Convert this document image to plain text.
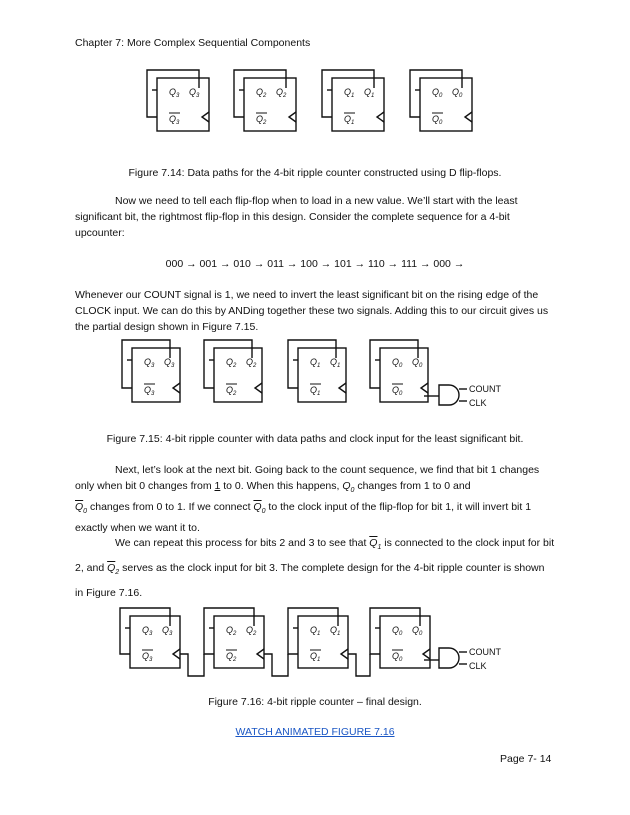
Chapter 7: More Complex Sequential Components
$Q_3$ $Q_3$
$Q_3$
$Q_2$ $Q_2$
$Q_2$
$Q_1$ $Q_1$
$Q_1$
$Q_0$ $Q_0$
$Q_0$
Figure 7.14: Data paths for the 4-bit ripple counter constructed using D flip-flops.

Now we need to tell each flip-flop when to load in a new value. We’ll start with the least significant bit, the rightmost flip-flop in this design. Consider the complete sequence for a 4-bit upcounter:

000 → 001 → 010 → 011 → 100 → 101 → 110 → 111 → 000 →

Whenever our COUNT signal is 1, we need to invert the least significant bit on the rising edge of the CLOCK input. We can do this by ANDing together these two signals. Adding this to our circuit gives us the partial design shown in Figure 7.15.

$Q_3$ $Q_3$
$Q_3$
$Q_2$ $Q_2$
$Q_2$
$Q_1$ $Q_1$
$Q_1$
$Q_0$ $Q_0$
$Q_0$	COUNT
CLK
Figure 7.15: 4-bit ripple counter with data paths and clock input for the least significant bit.

Next, let’s look at the next bit. Going back to the count sequence, we find that bit 1 changes only when bit 0 changes from 1 to 0. When this happens, $Q_0$ changes from 1 to 0 and
$\overline{Q}_0$ changes from 0 to 1. If we connect $\overline{Q}_0$ to the clock input of the flip-flop for bit 1, it will invert bit 1 exactly when we want it to.

We can repeat this process for bits 2 and 3 to see that $\overline{Q}_1$ is connected to the clock input for bit 2, and $\overline{Q}_2$ serves as the clock input for bit 3. The complete design for the 4-bit ripple counter is shown in Figure 7.16.

$Q_3$ $Q_3$
$Q_3$
$Q_2$ $Q_2$
$Q_2$
$Q_1$ $Q_1$
$Q_1$
$Q_0$ $Q_0$
$Q_0$
COUNT
CLK
Figure 7.16: 4-bit ripple counter – final design.
WATCH ANIMATED FIGURE 7.16
Page 7- 14
